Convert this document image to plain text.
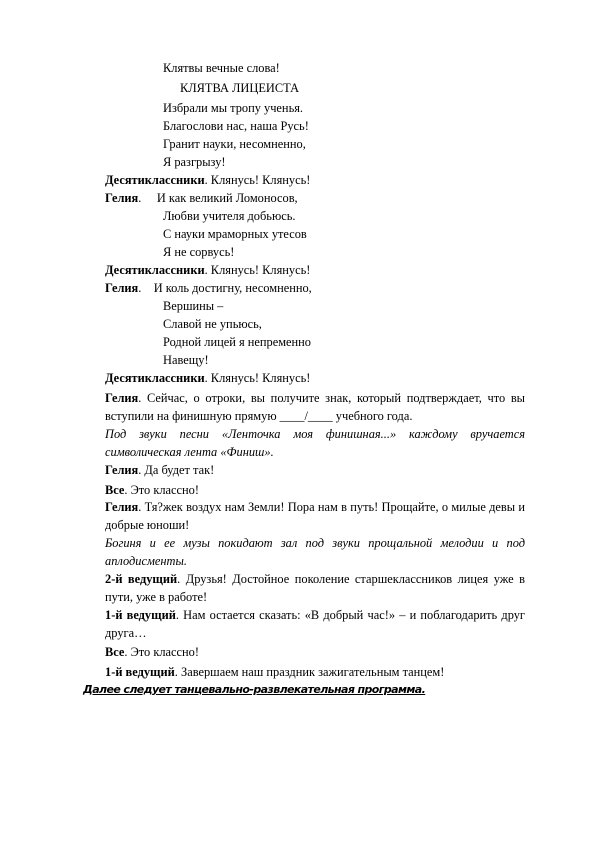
Клятвы вечные слова!
КЛЯТВА ЛИЦЕИСТА
Избрали мы тропу ученья.
Благослови нас, наша Русь!
Гранит науки, несомненно,
Я разгрызу!
Десятиклассники. Клянусь! Клянусь!
Гелия.     И как великий Ломоносов,
Любви учителя добьюсь.
С науки мраморных утесов
Я не сорвусь!
Десятиклассники. Клянусь! Клянусь!
Гелия.    И коль достигну, несомненно,
Вершины –
Славой не упьюсь,
Родной лицей я непременно
Навещу!
Десятиклассники. Клянусь! Клянусь!
Гелия. Сейчас, о отроки, вы получите знак, который подтверждает, что вы вступили на финишную прямую ____/____ учебного года.
Под звуки песни «Ленточка моя финишная...» каждому вручается символическая лента «Финиш».
Гелия. Да будет так!
Все. Это классно!
Гелия. Тя?жек воздух нам Земли! Пора нам в путь! Прощайте, о милые девы и добрые юноши!
Богиня и ее музы покидают зал под звуки прощальной мелодии и под аплодисменты.
2-й ведущий. Друзья! Достойное поколение старшеклассников лицея уже в пути, уже в работе!
1-й ведущий. Нам остается сказать: «В добрый час!» – и поблагодарить друг друга…
Все. Это классно!
1-й ведущий. Завершаем наш праздник зажигательным танцем!
Далее следует танцевально-развлекательная программа.
